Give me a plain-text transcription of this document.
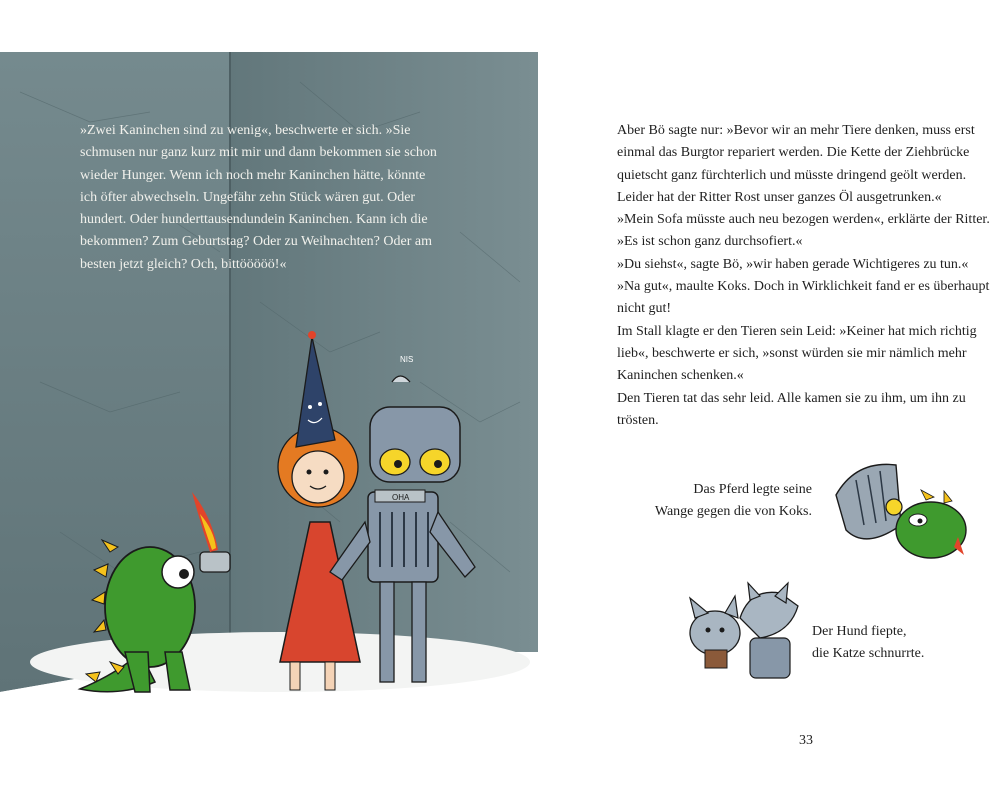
NIS
OHA

»Zwei Kaninchen sind zu wenig«, beschwerte er sich. »Sie
schmusen nur ganz kurz mit mir und dann bekommen sie schon
wieder Hunger. Wenn ich noch mehr Kaninchen hätte, könnte
ich öfter abwechseln. Ungefähr zehn Stück wären gut. Oder
hundert. Oder hunderttausendundein Kaninchen. Kann ich die
bekommen? Zum Geburtstag? Oder zu Weihnachten? Oder am
besten jetzt gleich? Och, bittööööö!«

Aber Bö sagte nur: »Bevor wir an mehr Tiere denken, muss erst
einmal das Burgtor repariert werden. Die Kette der Ziehbrücke
quietscht ganz fürchterlich und müsste dringend geölt werden.
Leider hat der Ritter Rost unser ganzes Öl ausgetrunken.«
»Mein Sofa müsste auch neu bezogen werden«, erklärte der Ritter.
»Es ist schon ganz durchsofiert.«
»Du siehst«, sagte Bö, »wir haben gerade Wichtigeres zu tun.«
»Na gut«, maulte Koks. Doch in Wirklichkeit fand er es überhaupt
nicht gut!
Im Stall klagte er den Tieren sein Leid: »Keiner hat mich richtig
lieb«, beschwerte er sich, »sonst würden sie mir nämlich mehr
Kaninchen schenken.«
Den Tieren tat das sehr leid. Alle kamen sie zu ihm, um ihn zu
trösten.

Das Pferd legte seine
Wange gegen die von Koks.

Der Hund fiepte,
die Katze schnurrte.

33
